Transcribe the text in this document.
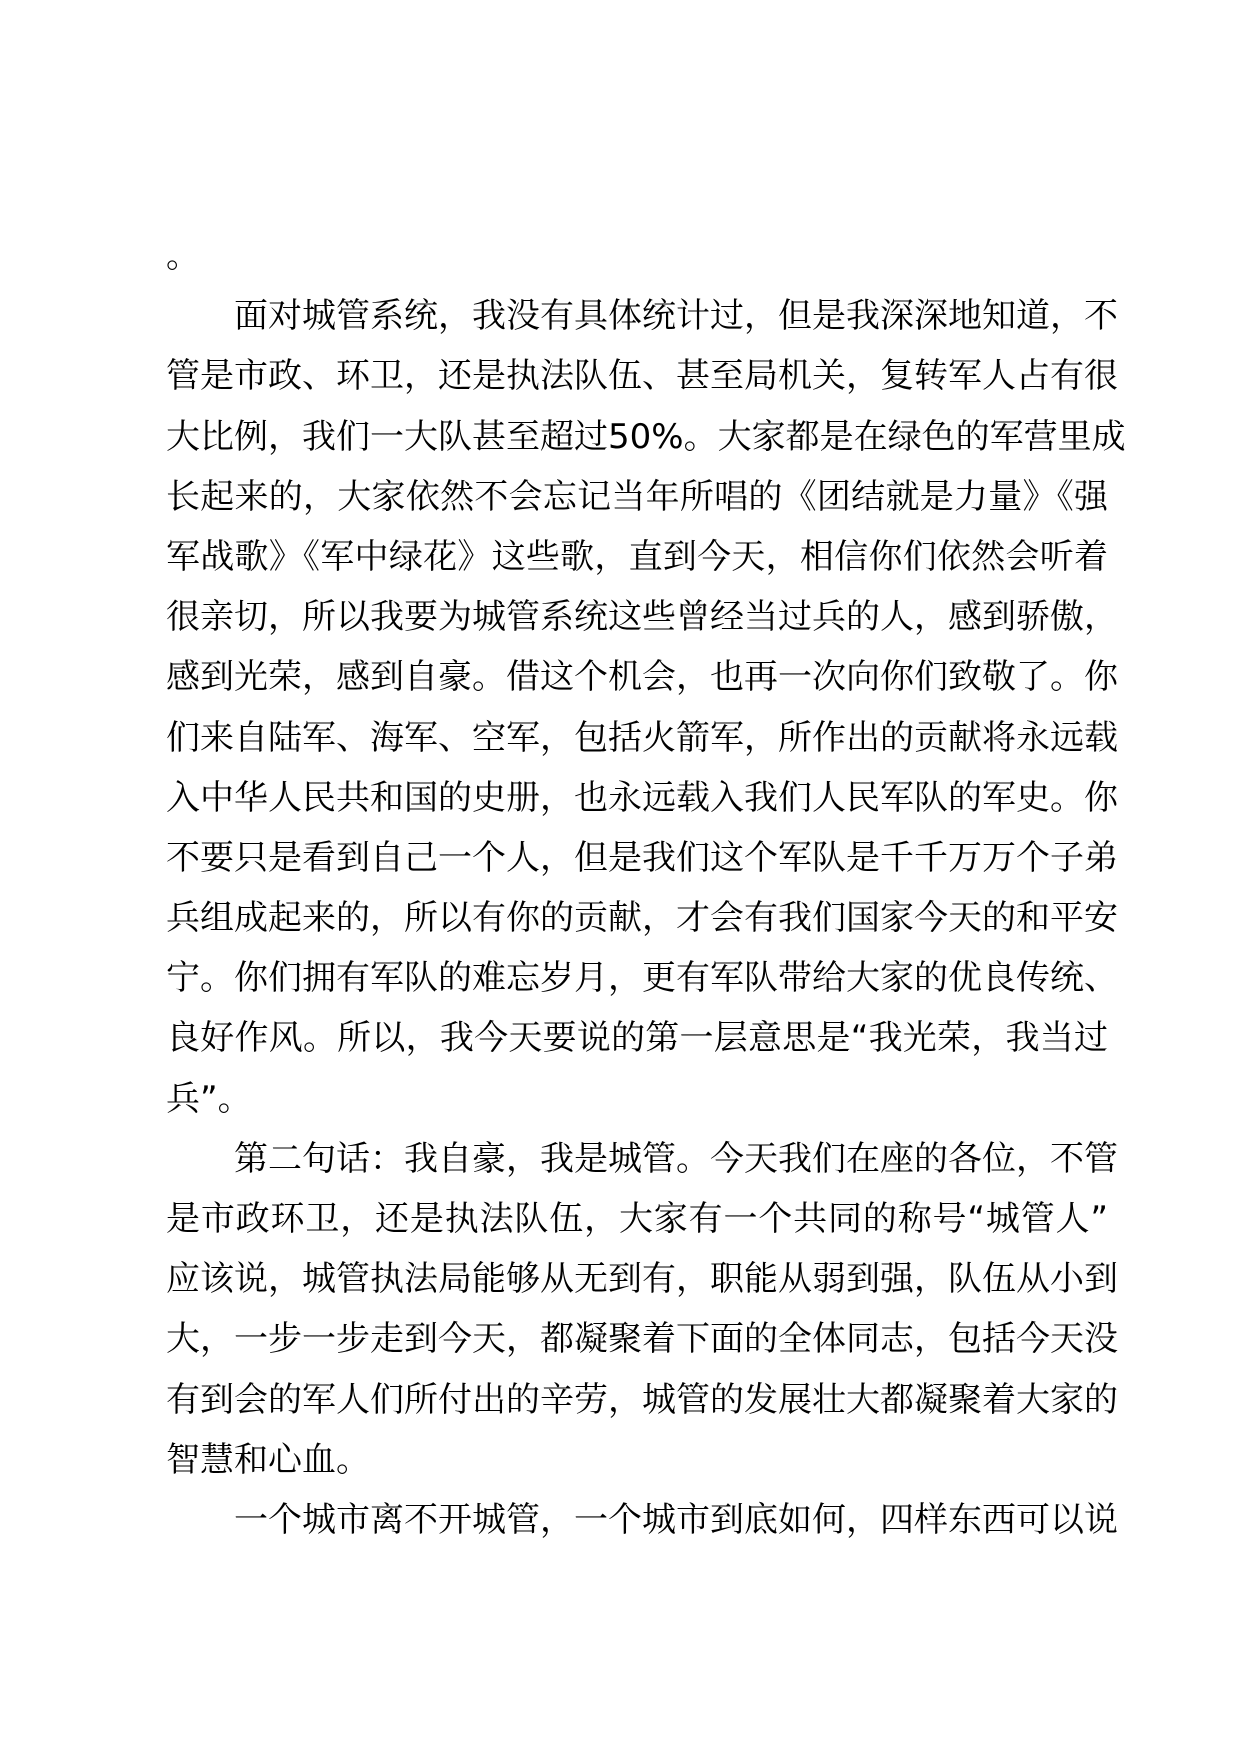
。
面对城管系统，我没有具体统计过，但是我深深地知道，不
管是市政、环卫，还是执法队伍、甚至局机关，复转军人占有很
大比例，我们一大队甚至超过50%。大家都是在绿色的军营里成
长起来的，大家依然不会忘记当年所唱的《团结就是力量》《强
军战歌》《军中绿花》这些歌，直到今天，相信你们依然会听着
很亲切，所以我要为城管系统这些曾经当过兵的人，感到骄傲，
感到光荣，感到自豪。借这个机会，也再一次向你们致敬了。你
们来自陆军、海军、空军，包括火箭军，所作出的贡献将永远载
入中华人民共和国的史册，也永远载入我们人民军队的军史。你
不要只是看到自己一个人，但是我们这个军队是千千万万个子弟
兵组成起来的，所以有你的贡献，才会有我们国家今天的和平安
宁。你们拥有军队的难忘岁月，更有军队带给大家的优良传统、
良好作风。所以，我今天要说的第一层意思是“我光荣，我当过
兵”。
第二句话：我自豪，我是城管。今天我们在座的各位，不管
是市政环卫，还是执法队伍，大家有一个共同的称号“城管人”
应该说，城管执法局能够从无到有，职能从弱到强，队伍从小到
大，一步一步走到今天，都凝聚着下面的全体同志，包括今天没
有到会的军人们所付出的辛劳，城管的发展壮大都凝聚着大家的
智慧和心血。
一个城市离不开城管，一个城市到底如何，四样东西可以说
